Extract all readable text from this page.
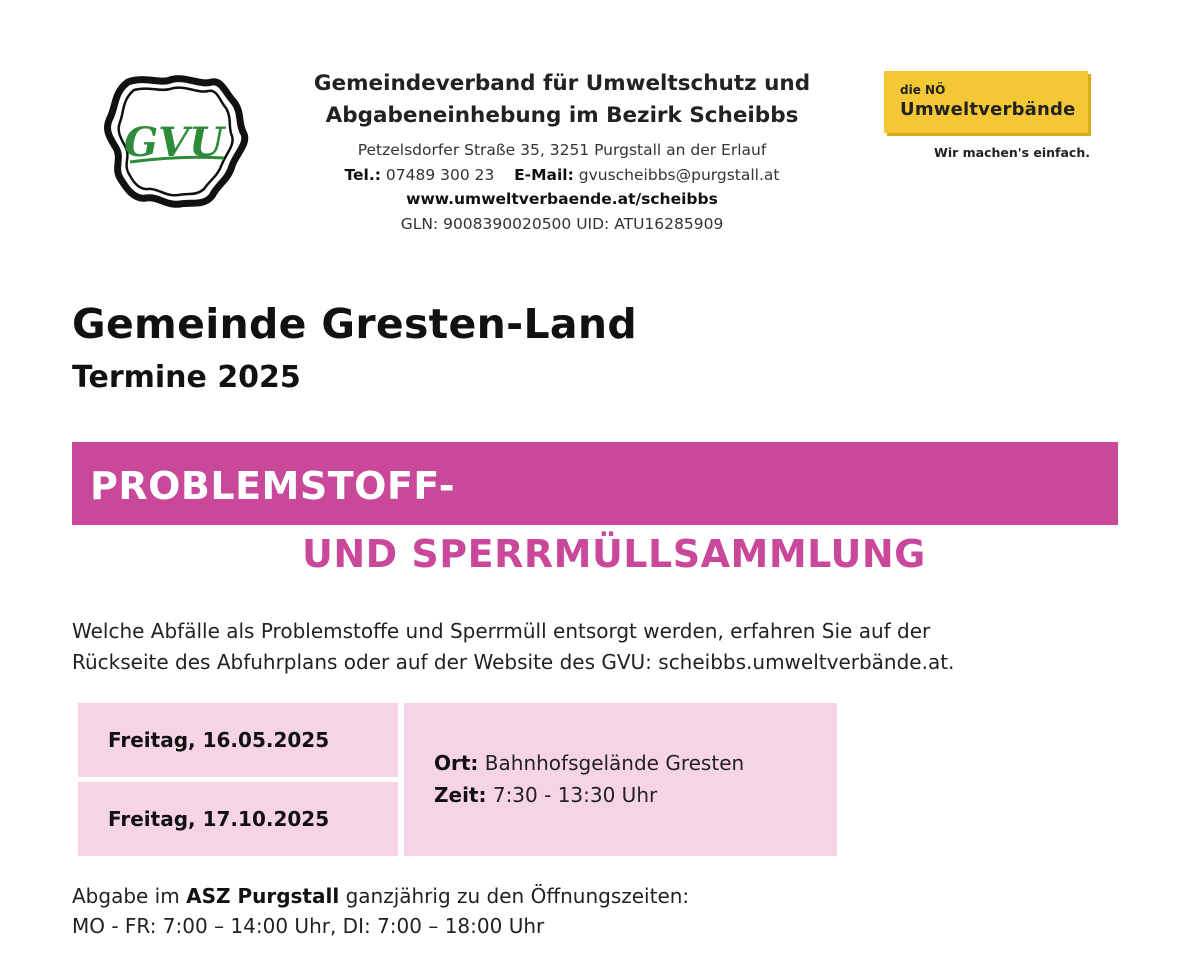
GVU
Gemeindeverband für Umweltschutz und
Abgabeneinhebung im Bezirk Scheibbs
Petzelsdorfer Straße 35, 3251 Purgstall an der Erlauf
Tel.: 07489 300 23 E-Mail: gvuscheibbs@purgstall.at
www.umweltverbaende.at/scheibbs
GLN: 9008390020500 UID: ATU16285909
die NÖ
Umweltverbände
Wir machen's einfach.
Gemeinde Gresten-Land
Termine 2025
PROBLEMSTOFF-
UND SPERRMÜLLSAMMLUNG
Welche Abfälle als Problemstoffe und Sperrmüll entsorgt werden, erfahren Sie auf der
Rückseite des Abfuhrplans oder auf der Website des GVU: scheibbs.umweltverbände.at.
Freitag, 16.05.2025
Freitag, 17.10.2025
Ort: Bahnhofsgelände Gresten
Zeit: 7:30 - 13:30 Uhr
Abgabe im ASZ Purgstall ganzjährig zu den Öffnungszeiten:
MO - FR: 7:00 – 14:00 Uhr, DI: 7:00 – 18:00 Uhr
